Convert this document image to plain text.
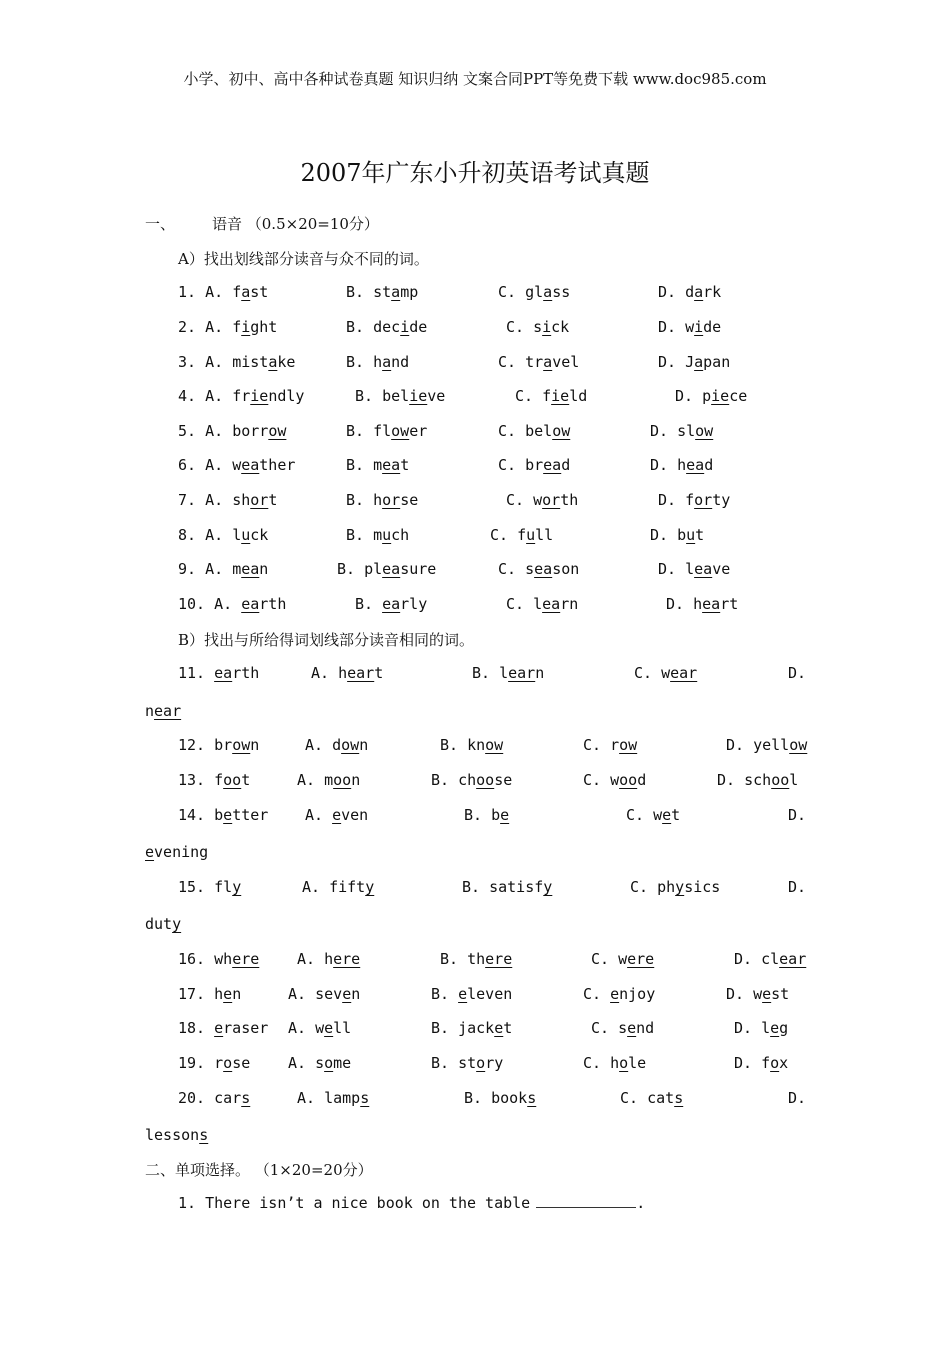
小学、初中、高中各种试卷真题 知识归纳 文案合同PPT等免费下载 www.doc985.com
2007年广东小升初英语考试真题
一、 语音 （0.5×20=10分）
A）找出划线部分读音与众不同的词。
1. A. fast	B. stamp	C. glass	D. dark
2. A. fight	B. decide	C. sick	D. wide
3. A. mistake	B. hand	C. travel	D. Japan
4. A. friendly	B. believe	C. field	D. piece
5. A. borrow	B. flower	C. below	D. slow
6. A. weather	B. meat	C. bread	D. head
7. A. short	B. horse	C. worth	D. forty
8. A. luck	B. much	C. full	D. but
9. A. mean	B. pleasure	C. season	D. leave
10. A. earth	B. early	C. learn	D. heart
B）找出与所给得词划线部分读音相同的词。
11. earth	A. heart	B. learn	C. wear	D.
near
12. brown	A. down	B. know	C. row	D. yellow
13. foot	A. moon	B. choose	C. wood	D. school
14. better A. even	B. be	C. wet	D.
evening
15. fly	A. fifty	B. satisfy	C. physics	D.
duty
16. where	A. here	B. there	C. were	D. clear
17. hen	A. seven	B. eleven	C. enjoy	D. west
18. eraser A. well	B. jacket	C. send	D. leg
19. rose	A. some	B. story	C. hole	D. fox
20. cars	A. lamps	B. books	C. cats	D.
lessons
二、单项选择。 （1×20=20分）
1. There isn’t a nice book on the table	.
